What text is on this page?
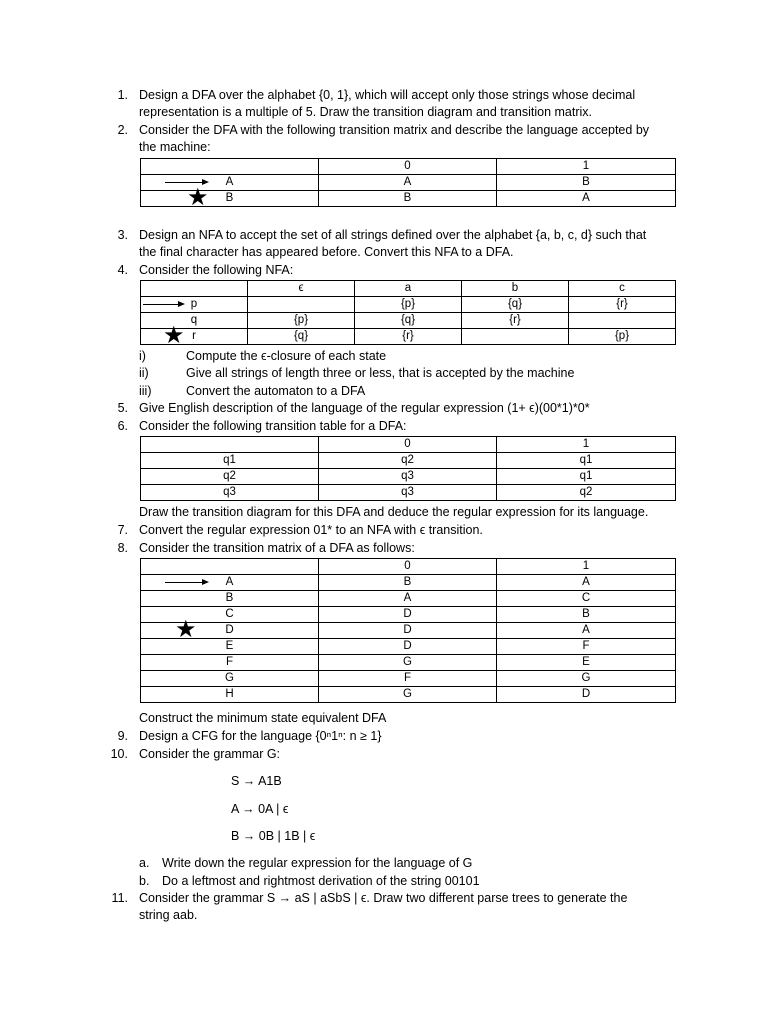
1. Design a DFA over the alphabet {0, 1}, which will accept only those strings whose decimal
representation is a multiple of 5. Draw the transition diagram and transition matrix.
2. Consider the DFA with the following transition matrix and describe the language accepted by
the machine:
	0	1

A	A	B

★ B	B	A
3. Design an NFA to accept the set of all strings defined over the alphabet {a, b, c, d} such that
the final character has appeared before. Convert this NFA to a DFA.
4. Consider the following NFA:
	ϵ	a	b	c

p		{p}	{q}	{r}
q	{p}	{q}	{r}	

★ r	{q}	{r}		{p}
i)	Compute the ϵ-closure of each state
ii)	Give all strings of length three or less, that is accepted by the machine
iii)	Convert the automaton to a DFA
5. Give English description of the language of the regular expression (1+ ϵ)(00*1)*0*
6. Consider the following transition table for a DFA:
	0	1
q1	q2	q1
q2	q3	q1
q3	q3	q2
Draw the transition diagram for this DFA and deduce the regular expression for its language.
7. Convert the regular expression 01* to an NFA with ϵ transition.
8. Consider the transition matrix of a DFA as follows:
	0	1

A	B	A
B	A	C
C	D	B

★ D	D	A
E	D	F
F	G	E
G	F	G
H	G	D
Construct the minimum state equivalent DFA
9. Design a CFG for the language {0ⁿ1ⁿ: n ≥ 1}
10. Consider the grammar G:
S → A1B
A → 0A | ϵ
B → 0B | 1B | ϵ
a. Write down the regular expression for the language of G
b. Do a leftmost and rightmost derivation of the string 00101
11. Consider the grammar S → aS | aSbS | ϵ. Draw two different parse trees to generate the
string aab.
